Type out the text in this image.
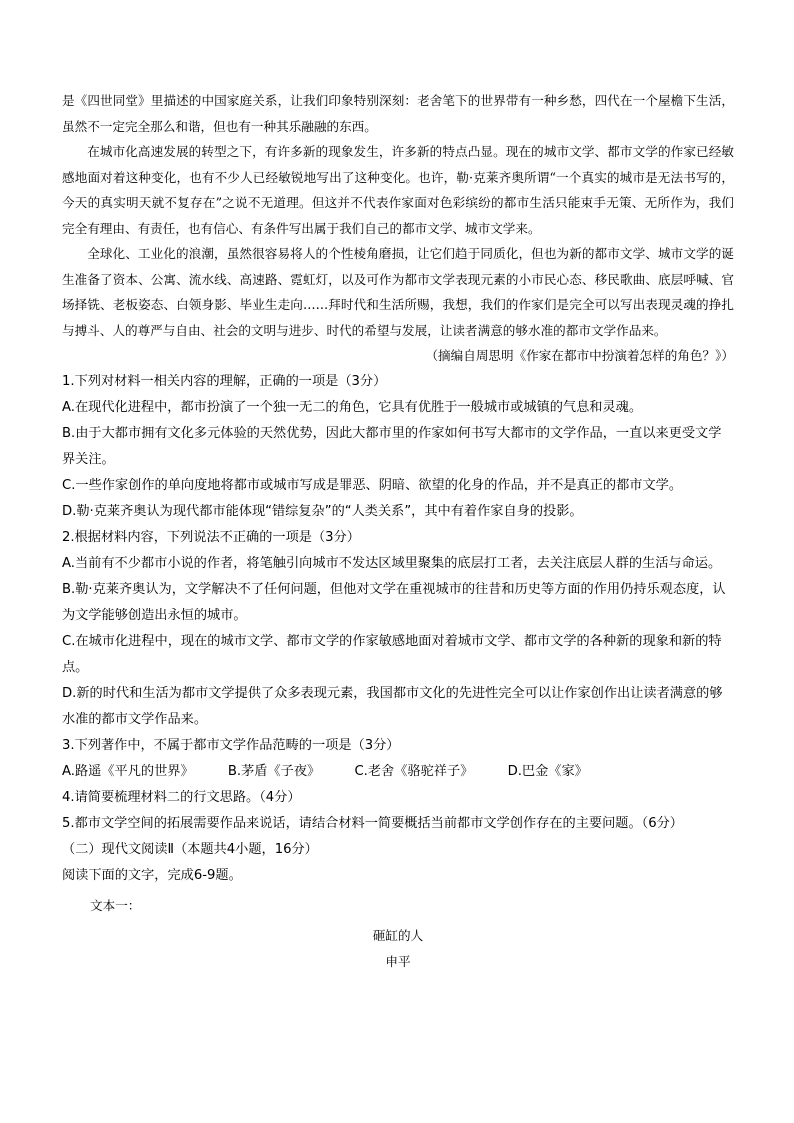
是《四世同堂》里描述的中国家庭关系，让我们印象特别深刻：老舍笔下的世界带有一种乡愁，四代在一个屋檐下生活，虽然不一定完全那么和谐，但也有一种其乐融融的东西。

在城市化高速发展的转型之下，有许多新的现象发生，许多新的特点凸显。现在的城市文学、都市文学的作家已经敏感地面对着这种变化，也有不少人已经敏锐地写出了这种变化。也许，勒·克莱齐奥所谓“一个真实的城市是无法书写的，今天的真实明天就不复存在”之说不无道理。但这并不代表作家面对色彩缤纷的都市生活只能束手无策、无所作为，我们完全有理由、有责任，也有信心、有条件写出属于我们自己的都市文学、城市文学来。

全球化、工业化的浪潮，虽然很容易将人的个性棱角磨损，让它们趋于同质化，但也为新的都市文学、城市文学的诞生准备了资本、公寓、流水线、高速路、霓虹灯，以及可作为都市文学表现元素的小市民心态、移民歌曲、底层呼喊、官场择铣、老板姿态、白领身影、毕业生走向……拜时代和生活所赐，我想，我们的作家们是完全可以写出表现灵魂的挣扎与搏斗、人的尊严与自由、社会的文明与进步、时代的希望与发展，让读者满意的够水准的都市文学作品来。

（摘编自周思明《作家在都市中扮演着怎样的角色？》）

1.下列对材料一相关内容的理解，正确的一项是（3分）

A.在现代化进程中，都市扮演了一个独一无二的角色，它具有优胜于一般城市或城镇的气息和灵魂。

B.由于大都市拥有文化多元体验的天然优势，因此大都市里的作家如何书写大都市的文学作品，一直以来更受文学界关注。

C.一些作家创作的单向度地将都市或城市写成是罪恶、阴暗、欲望的化身的作品，并不是真正的都市文学。

D.勒·克莱齐奥认为现代都市能体现“错综复杂”的“人类关系”，其中有着作家自身的投影。

2.根据材料内容，下列说法不正确的一项是（3分）

A.当前有不少都市小说的作者，将笔触引向城市不发达区域里聚集的底层打工者，去关注底层人群的生活与命运。

B.勒·克莱齐奥认为，文学解决不了任何问题，但他对文学在重视城市的往昔和历史等方面的作用仍持乐观态度，认为文学能够创造出永恒的城市。

C.在城市化进程中，现在的城市文学、都市文学的作家敏感地面对着城市文学、都市文学的各种新的现象和新的特点。

D.新的时代和生活为都市文学提供了众多表现元素，我国都市文化的先进性完全可以让作家创作出让读者满意的够水准的都市文学作品来。

3.下列著作中，不属于都市文学作品范畴的一项是（3分）

A.路遥《平凡的世界》	B.茅盾《子夜》	C.老舍《骆驼祥子》	D.巴金《家》

4.请简要梳理材料二的行文思路。（4分）

5.都市文学空间的拓展需要作品来说话，请结合材料一简要概括当前都市文学创作存在的主要问题。（6分）

（二）现代文阅读Ⅱ（本题共4小题，16分）

阅读下面的文字，完成6-9题。

文本一：

砸缸的人

申平
